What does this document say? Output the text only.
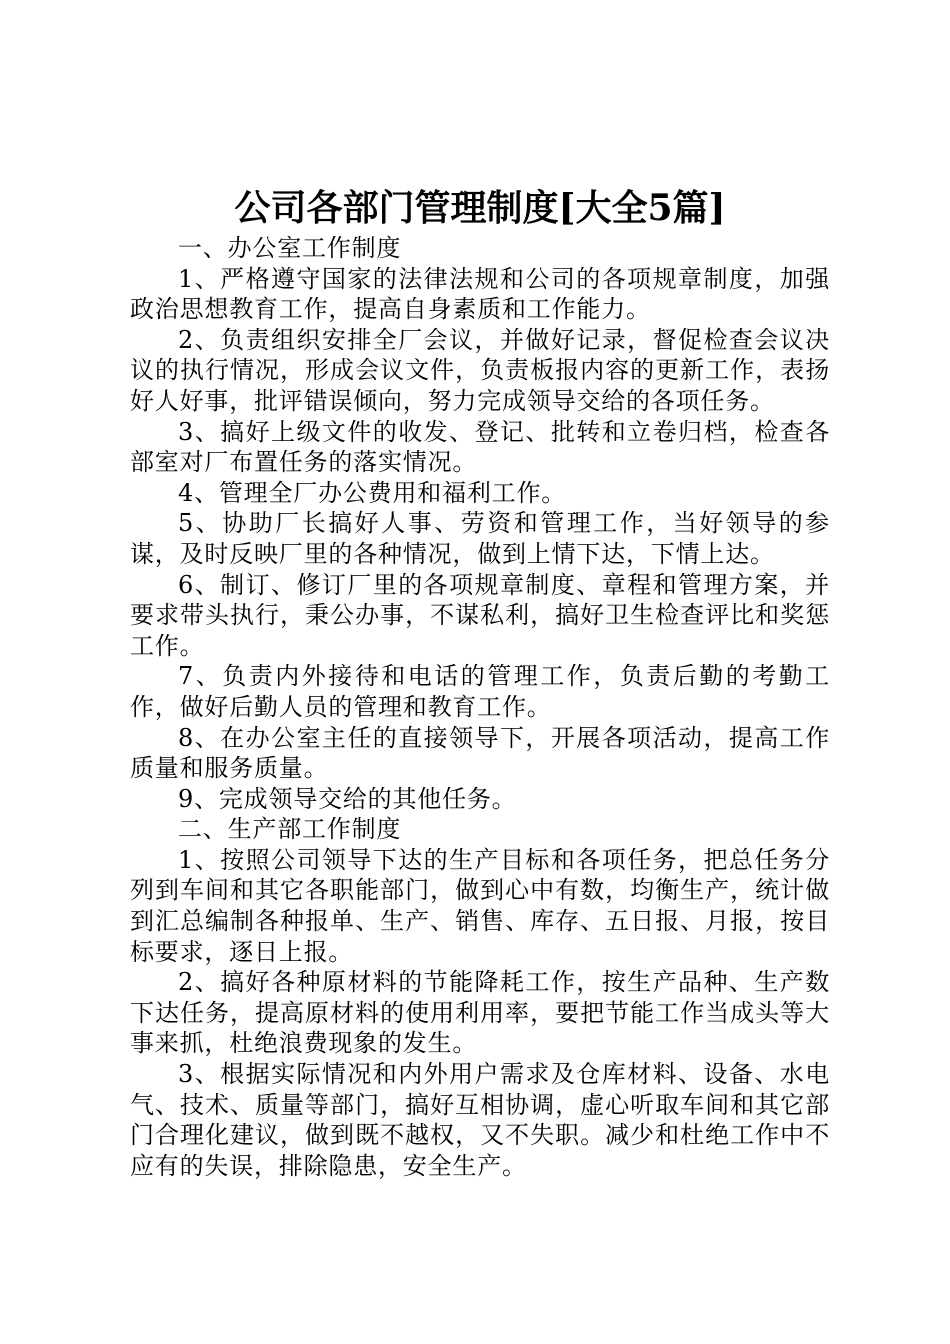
公司各部门管理制度[大全5篇]

一、办公室工作制度

1、严格遵守国家的法律法规和公司的各项规章制度，加强政治思想教育工作，提高自身素质和工作能力。

2、负责组织安排全厂会议，并做好记录，督促检查会议决议的执行情况，形成会议文件，负责板报内容的更新工作，表扬好人好事，批评错误倾向，努力完成领导交给的各项任务。

3、搞好上级文件的收发、登记、批转和立卷归档，检查各部室对厂布置任务的落实情况。

4、管理全厂办公费用和福利工作。

5、协助厂长搞好人事、劳资和管理工作，当好领导的参谋，及时反映厂里的各种情况，做到上情下达，下情上达。

6、制订、修订厂里的各项规章制度、章程和管理方案，并要求带头执行，秉公办事，不谋私利，搞好卫生检查评比和奖惩工作。

7、负责内外接待和电话的管理工作，负责后勤的考勤工作，做好后勤人员的管理和教育工作。

8、在办公室主任的直接领导下，开展各项活动，提高工作质量和服务质量。

9、完成领导交给的其他任务。

二、生产部工作制度

1、按照公司领导下达的生产目标和各项任务，把总任务分列到车间和其它各职能部门，做到心中有数，均衡生产，统计做到汇总编制各种报单、生产、销售、库存、五日报、月报，按目标要求，逐日上报。

2、搞好各种原材料的节能降耗工作，按生产品种、生产数下达任务，提高原材料的使用利用率，要把节能工作当成头等大事来抓，杜绝浪费现象的发生。

3、根据实际情况和内外用户需求及仓库材料、设备、水电气、技术、质量等部门，搞好互相协调，虚心听取车间和其它部门合理化建议，做到既不越权，又不失职。减少和杜绝工作中不应有的失误，排除隐患，安全生产。
